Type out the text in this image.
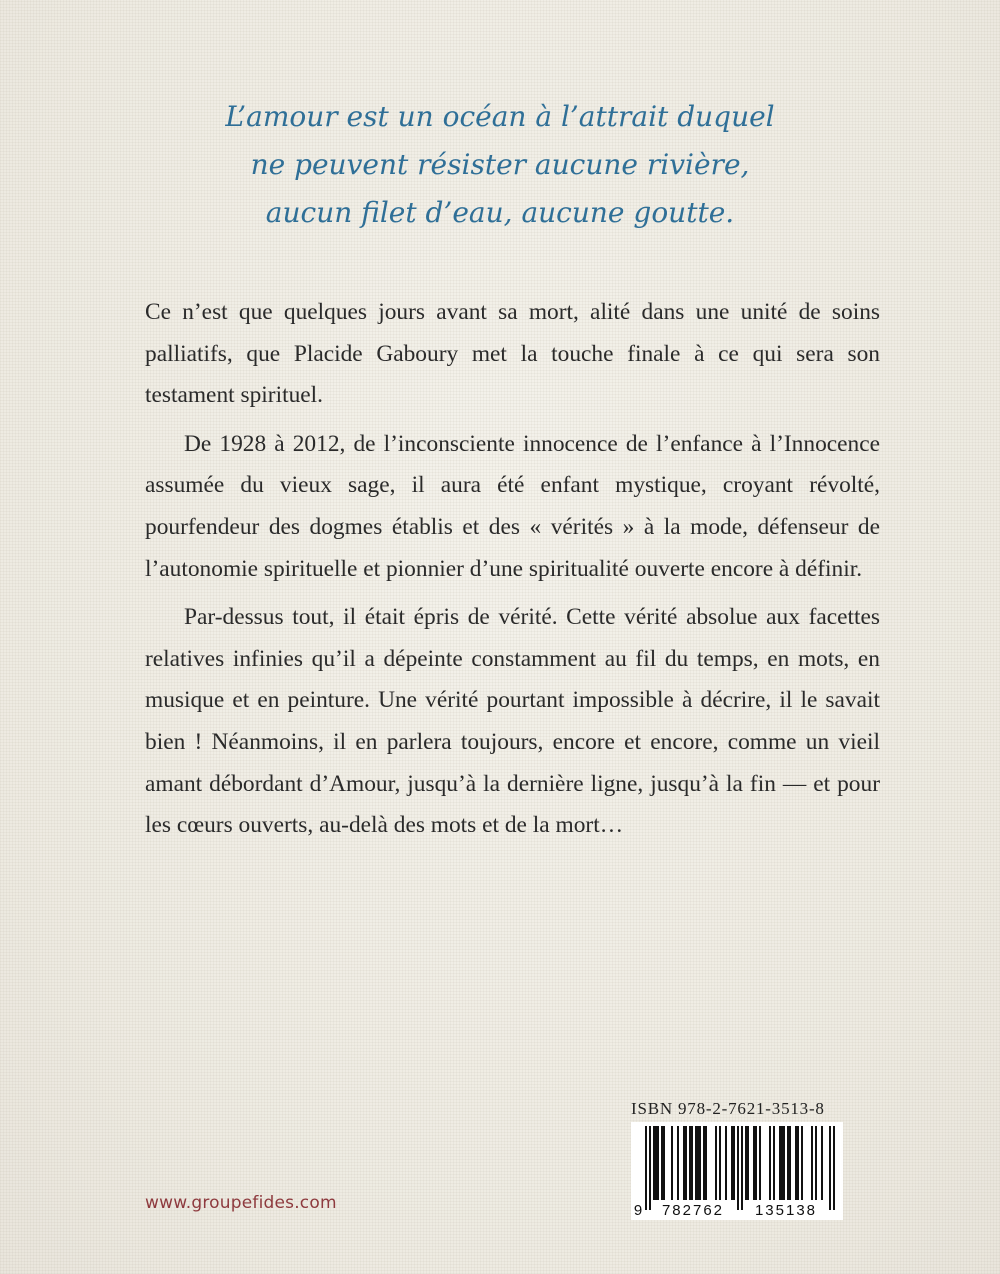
L’amour est un océan à l’attrait duquel
ne peuvent résister aucune rivière,
aucun filet d’eau, aucune goutte.

Ce n’est que quelques jours avant sa mort, alité dans une unité de soins palliatifs, que Placide Gaboury met la touche finale à ce qui sera son testament spirituel.

De 1928 à 2012, de l’inconsciente innocence de l’enfance à l’Innocence assumée du vieux sage, il aura été enfant mystique, croyant révolté, pourfendeur des dogmes établis et des « vérités » à la mode, défenseur de l’autonomie spirituelle et pionnier d’une spiritualité ouverte encore à définir.

Par-dessus tout, il était épris de vérité. Cette vérité absolue aux facettes relatives infinies qu’il a dépeinte constamment au fil du temps, en mots, en musique et en peinture. Une vérité pourtant impossible à décrire, il le savait bien ! Néanmoins, il en parlera toujours, encore et encore, comme un vieil amant débordant d’Amour, jusqu’à la dernière ligne, jusqu’à la fin — et pour les cœurs ouverts, au-delà des mots et de la mort…

www.groupefides.com
ISBN 978-2-7621-3513-8
9 782762 135138
